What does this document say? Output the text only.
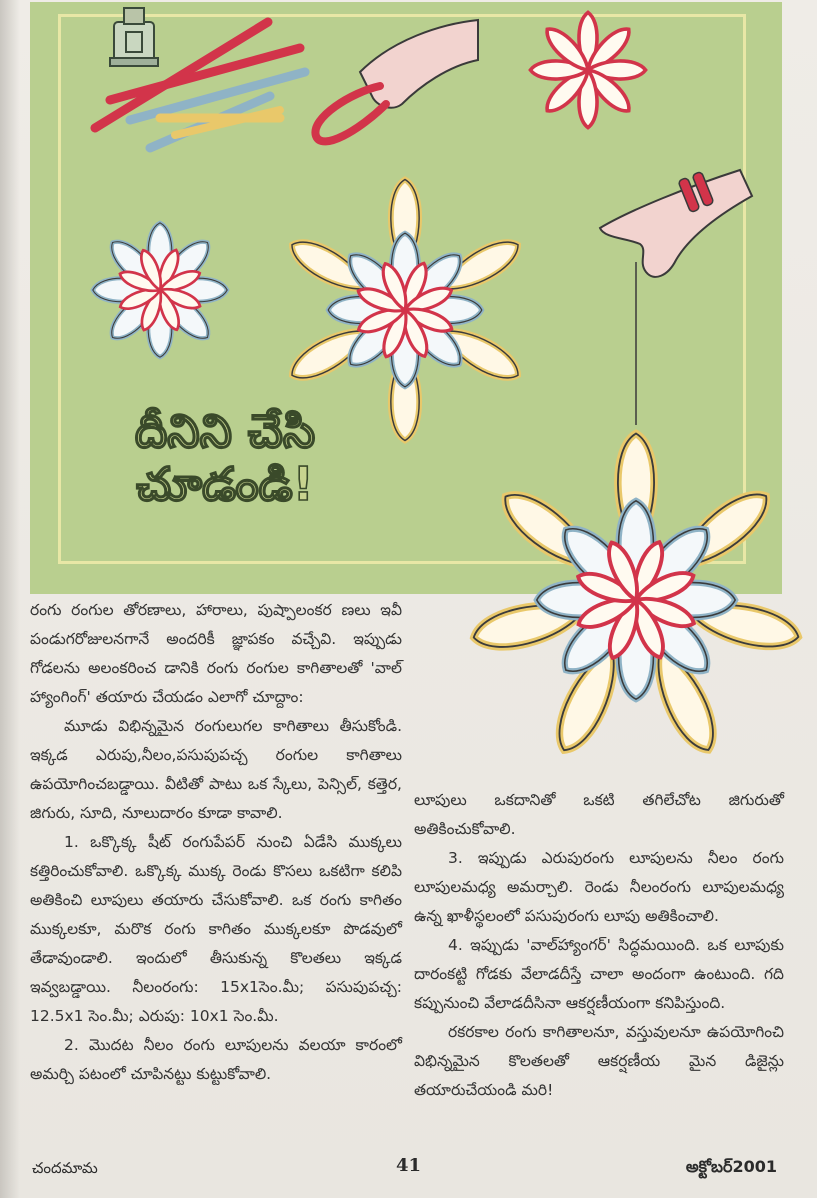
దీనిని చేసి
చూడండి!

రంగు రంగుల తోరణాలు, హారాలు, పుష్పాలంకర ణలు ఇవీ పండుగరోజులనగానే అందరికీ జ్ఞాపకం వచ్చేవి. ఇప్పుడు గోడలను అలంకరించ డానికి రంగు రంగుల కాగితాలతో 'వాల్ హ్యాంగింగ్' తయారు చేయడం ఎలాగో చూద్దాం:

మూడు విభిన్నమైన రంగులుగల కాగితాలు తీసుకోండి. ఇక్కడ ఎరుపు,నీలం,పసుపుపచ్చ రంగుల కాగితాలు ఉపయోగించబడ్డాయి. వీటితో పాటు ఒక స్కేలు, పెన్సిల్, కత్తెర, జిగురు, సూది, నూలుదారం కూడా కావాలి.

1. ఒక్కొక్క షీట్ రంగుపేపర్ నుంచి ఏడేసి ముక్కలు కత్తిరించుకోవాలి. ఒక్కొక్క ముక్క రెండు కొసలు ఒకటిగా కలిపి అతికించి లూపులు తయారు చేసుకోవాలి. ఒక రంగు కాగితం ముక్కలకూ, మరొక రంగు కాగితం ముక్కలకూ పొడవులో తేడావుండాలి. ఇందులో తీసుకున్న కొలతలు ఇక్కడ ఇవ్వబడ్డాయి. నీలంరంగు: 15x1సెం.మీ; పసుపుపచ్చ: 12.5x1 సెం.మీ; ఎరుపు: 10x1 సెం.మీ.

2. మొదట నీలం రంగు లూపులను వలయా కారంలో అమర్చి పటంలో చూపినట్టు కుట్టుకోవాలి.

లూపులు ఒకదానితో ఒకటి తగిలేచోట జిగురుతో అతికించుకోవాలి.

3. ఇప్పుడు ఎరుపురంగు లూపులను నీలం రంగు లూపులమధ్య అమర్చాలి. రెండు నీలంరంగు లూపులమధ్య ఉన్న ఖాళీస్థలంలో పసుపురంగు లూపు అతికించాలి.

4. ఇప్పుడు 'వాల్‌హ్యాంగర్' సిద్ధమయింది. ఒక లూపుకు దారంకట్టి గోడకు వేలాడదీస్తే చాలా అందంగా ఉంటుంది. గది కప్పునుంచి వేలాడదీసినా ఆకర్షణీయంగా కనిపిస్తుంది.

రకరకాల రంగు కాగితాలనూ, వస్తువులనూ ఉపయోగించి విభిన్నమైన కొలతలతో ఆకర్షణీయ మైన డిజైన్లు తయారుచేయండి మరి!

చందమామ	41	అక్టోబర్2001
